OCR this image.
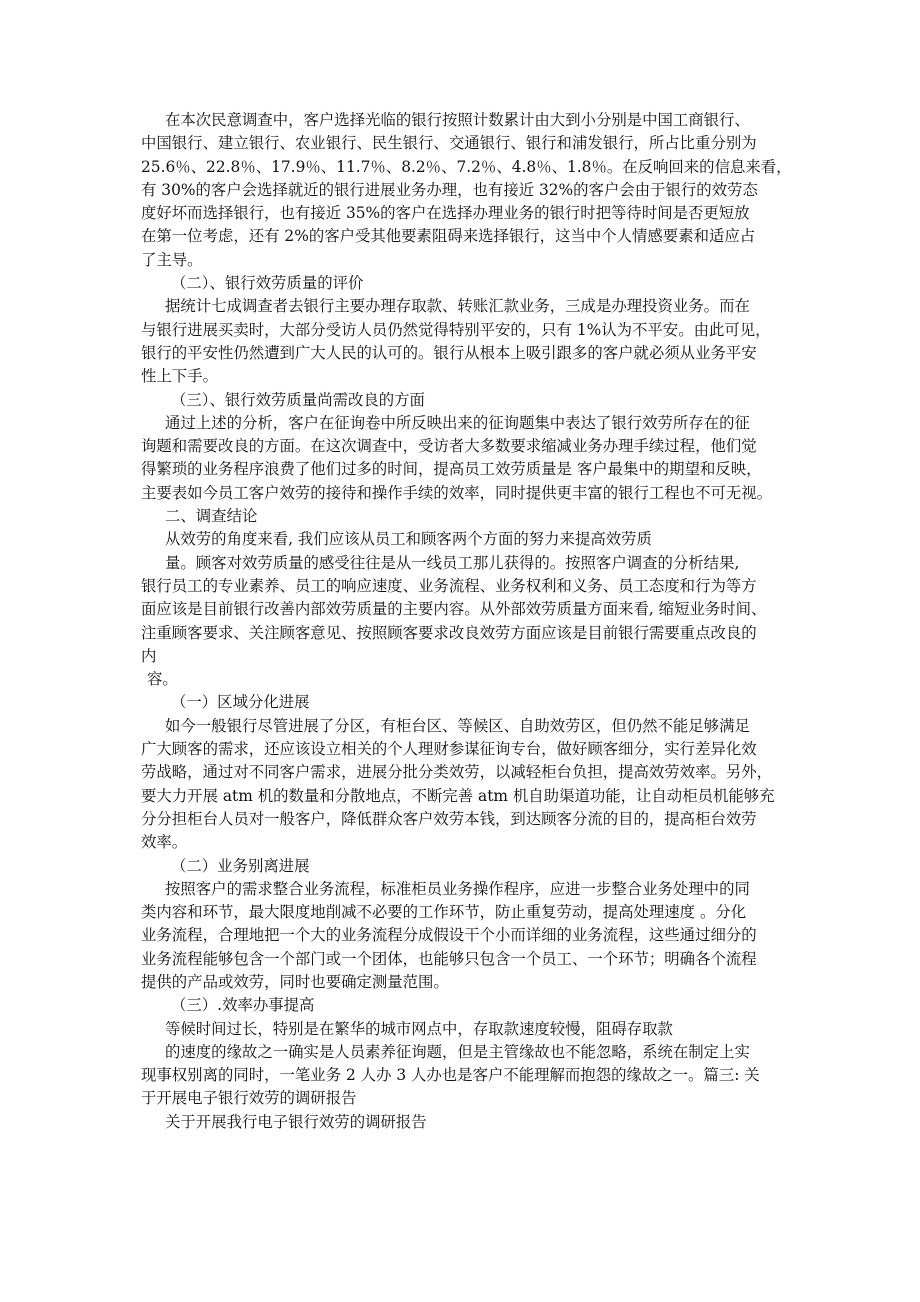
在本次民意调查中，客户选择光临的银行按照计数累计由大到小分别是中国工商银行、
中国银行、建立银行、农业银行、民生银行、交通银行、银行和浦发银行，所占比重分别为
25.6％、22.8％、17.9％、11.7％、8.2％、7.2％、4.8％、1.8％。在反响回来的信息来看，
有 30%的客户会选择就近的银行进展业务办理，也有接近 32%的客户会由于银行的效劳态
度好坏而选择银行，也有接近 35%的客户在选择办理业务的银行时把等待时间是否更短放
在第一位考虑，还有 2%的客户受其他要素阻碍来选择银行，这当中个人情感要素和适应占
了主导。
（二）、银行效劳质量的评价
据统计七成调查者去银行主要办理存取款、转账汇款业务，三成是办理投资业务。而在
与银行进展买卖时，大部分受访人员仍然觉得特别平安的，只有 1%认为不平安。由此可见，
银行的平安性仍然遭到广大人民的认可的。银行从根本上吸引跟多的客户就必须从业务平安
性上下手。
（三）、银行效劳质量尚需改良的方面
通过上述的分析，客户在征询卷中所反映出来的征询题集中表达了银行效劳所存在的征
询题和需要改良的方面。在这次调查中，受访者大多数要求缩减业务办理手续过程，他们觉
得繁琐的业务程序浪费了他们过多的时间，提高员工效劳质量是 客户最集中的期望和反映，
主要表如今员工客户效劳的接待和操作手续的效率，同时提供更丰富的银行工程也不可无视。
二、调查结论
从效劳的角度来看, 我们应该从员工和顾客两个方面的努力来提高效劳质
量。顾客对效劳质量的感受往往是从一线员工那儿获得的。按照客户调查的分析结果,
银行员工的专业素养、员工的响应速度、业务流程、业务权利和义务、员工态度和行为等方
面应该是目前银行改善内部效劳质量的主要内容。从外部效劳质量方面来看, 缩短业务时间、
注重顾客要求、关注顾客意见、按照顾客要求改良效劳方面应该是目前银行需要重点改良的
内
容。
（一）区域分化进展
如今一般银行尽管进展了分区，有柜台区、等候区、自助效劳区，但仍然不能足够满足
广大顾客的需求，还应该设立相关的个人理财参谋征询专台，做好顾客细分，实行差异化效
劳战略，通过对不同客户需求，进展分批分类效劳，以减轻柜台负担，提高效劳效率。另外，
要大力开展 atm 机的数量和分散地点，不断完善 atm 机自助渠道功能，让自动柜员机能够充
分分担柜台人员对一般客户，降低群众客户效劳本钱，到达顾客分流的目的，提高柜台效劳
效率。
（二）业务别离进展
按照客户的需求整合业务流程，标准柜员业务操作程序，应进一步整合业务处理中的同
类内容和环节，最大限度地削减不必要的工作环节，防止重复劳动，提高处理速度 。分化
业务流程，合理地把一个大的业务流程分成假设干个小而详细的业务流程，这些通过细分的
业务流程能够包含一个部门或一个团体，也能够只包含一个员工、一个环节；明确各个流程
提供的产品或效劳，同时也要确定测量范围。
（三）.效率办事提高
等候时间过长，特别是在繁华的城市网点中，存取款速度较慢，阻碍存取款
的速度的缘故之一确实是人员素养征询题，但是主管缘故也不能忽略，系统在制定上实
现事权别离的同时，一笔业务 2 人办 3 人办也是客户不能理解而抱怨的缘故之一。篇三: 关
于开展电子银行效劳的调研报告
关于开展我行电子银行效劳的调研报告
